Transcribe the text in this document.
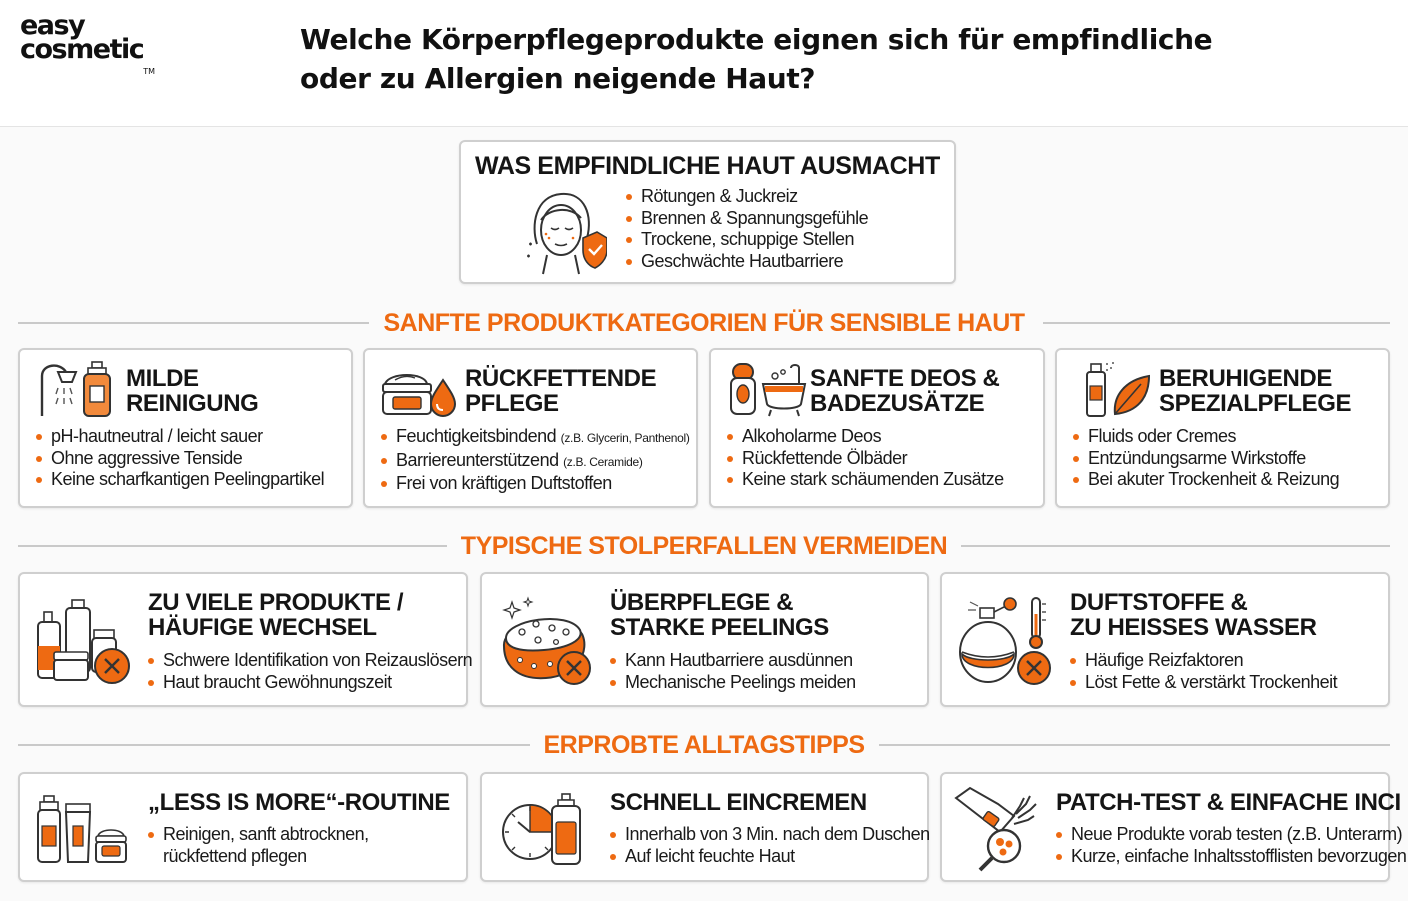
easy
cosmeticTM
Welche Körperpflegeprodukte eignen sich für empfindliche
oder zu Allergien neigende Haut?
WAS EMPFINDLICHE HAUT AUSMACHT
Rötungen & Juckreiz
Brennen & Spannungsgefühle
Trockene, schuppige Stellen
Geschwächte Hautbarriere
SANFTE PRODUKTKATEGORIEN FÜR SENSIBLE HAUT
MILDE
REINIGUNG
pH-hautneutral / leicht sauer
Ohne aggressive Tenside
Keine scharfkantigen Peelingpartikel
RÜCKFETTENDE
PFLEGE
Feuchtigkeitsbindend (z.B. Glycerin, Panthenol)
Barriereunterstützend (z.B. Ceramide)
Frei von kräftigen Duftstoffen
SANFTE DEOS &
BADEZUSÄTZE
Alkoholarme Deos
Rückfettende Ölbäder
Keine stark schäumenden Zusätze
BERUHIGENDE
SPEZIALPFLEGE
Fluids oder Cremes
Entzündungsarme Wirkstoffe
Bei akuter Trockenheit & Reizung
TYPISCHE STOLPERFALLEN VERMEIDEN
ZU VIELE PRODUKTE /
HÄUFIGE WECHSEL
Schwere Identifikation von Reizauslösern
Haut braucht Gewöhnungszeit
ÜBERPFLEGE &
STARKE PEELINGS
Kann Hautbarriere ausdünnen
Mechanische Peelings meiden
DUFTSTOFFE &
ZU HEISSES WASSER
Häufige Reizfaktoren
Löst Fette & verstärkt Trockenheit
ERPROBTE ALLTAGSTIPPS
„LESS IS MORE“-ROUTINE
Reinigen, sanft abtrocknen,
rückfettend pflegen
SCHNELL EINCREMEN
Innerhalb von 3 Min. nach dem Duschen
Auf leicht feuchte Haut
PATCH-TEST & EINFACHE INCI
Neue Produkte vorab testen (z.B. Unterarm)
Kurze, einfache Inhaltsstofflisten bevorzugen
